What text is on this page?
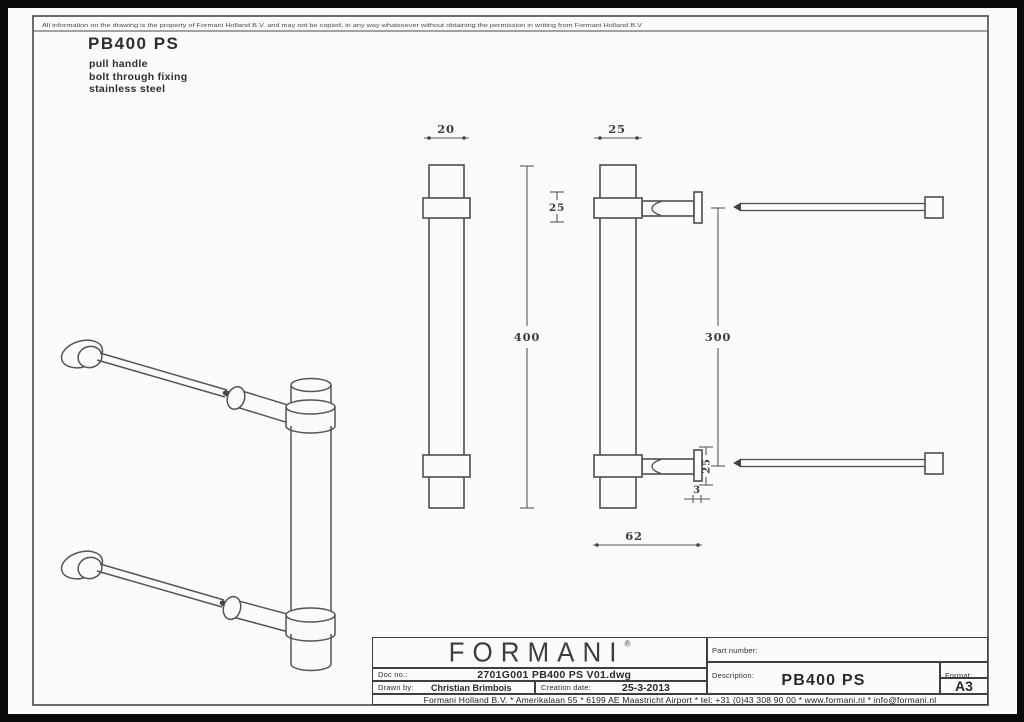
All information on the drawing is the property of Formani Holland B.V. and may not be copied, in any way whatsoever without obtaining the permission in writing from Formani Holland B.V
20	25
400
25
300
25
3
62
PB400 PS
pull handle
bolt through fixing
stainless steel
FORMANI®
Doc no.:	2701G001 PB400 PS V01.dwg
Drawn by:	Christian Brimbois	Creation date:	25-3-2013
Part number:
Description:	PB400 PS	Format:
A3
Formani Holland B.V. * Amerikalaan 55 * 6199 AE Maastricht Airport * tel: +31 (0)43 308 90 00 * www.formani.nl * info@formani.nl
